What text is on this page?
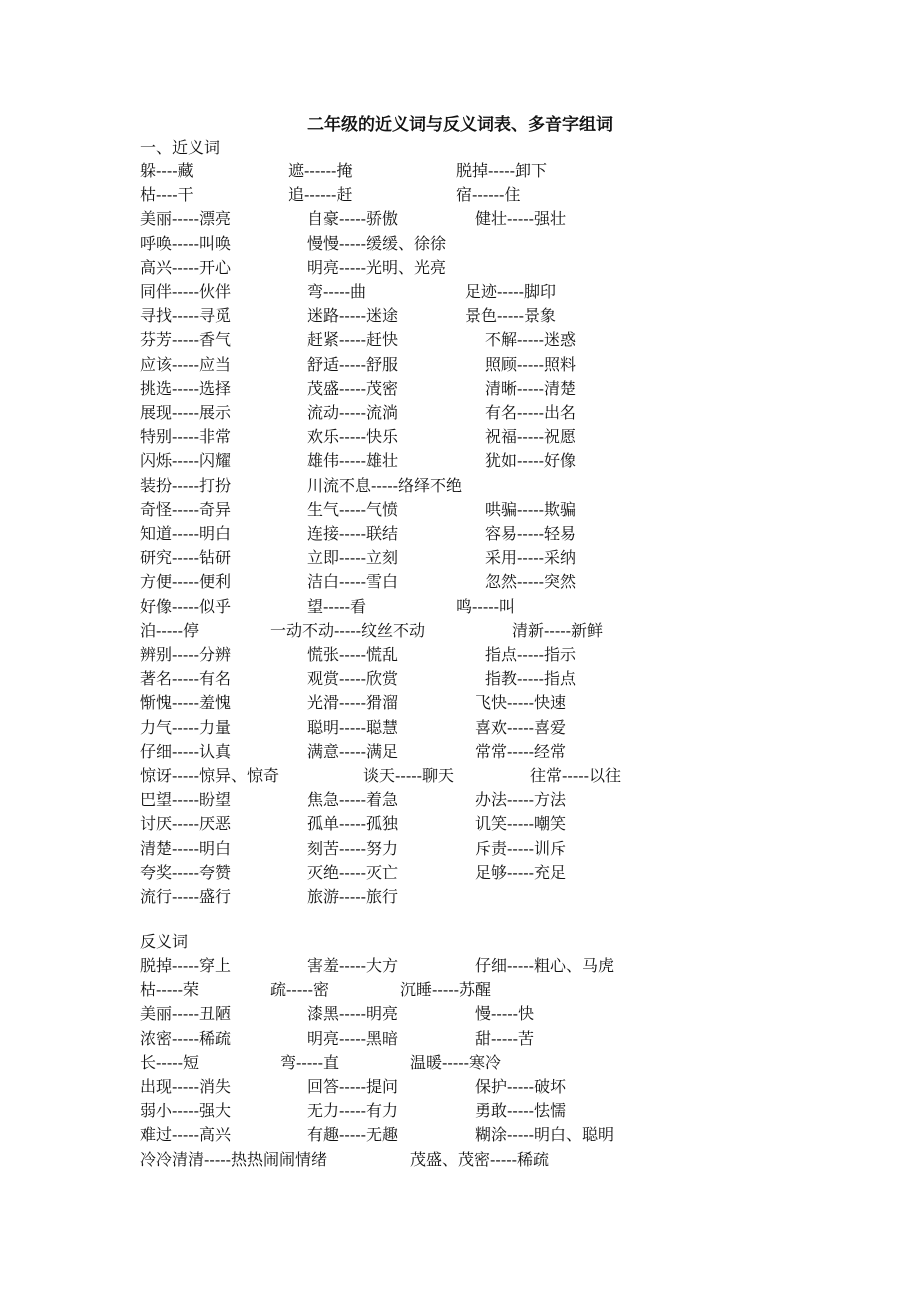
二年级的近义词与反义词表、多音字组词
一、近义词
躲----藏	遮------掩	脱掉-----卸下
枯----干	追------赶	宿------住
美丽-----漂亮	自豪-----骄傲	健壮-----强壮
呼唤-----叫唤	慢慢-----缓缓、徐徐
高兴-----开心	明亮-----光明、光亮
同伴-----伙伴	弯-----曲	足迹-----脚印
寻找-----寻觅	迷路-----迷途	景色-----景象
芬芳-----香气	赶紧-----赶快	不解-----迷惑
应该-----应当	舒适-----舒服	照顾-----照料
挑选-----选择	茂盛-----茂密	清晰-----清楚
展现-----展示	流动-----流淌	有名-----出名
特别-----非常	欢乐-----快乐	祝福-----祝愿
闪烁-----闪耀	雄伟-----雄壮	犹如-----好像
装扮-----打扮	川流不息-----络绎不绝
奇怪-----奇异	生气-----气愤	哄骗-----欺骗
知道-----明白	连接-----联结	容易-----轻易
研究-----钻研	立即-----立刻	采用-----采纳
方便-----便利	洁白-----雪白	忽然-----突然
好像-----似乎	望-----看	鸣-----叫
泊-----停	一动不动-----纹丝不动	清新-----新鲜
辨别-----分辨	慌张-----慌乱	指点-----指示
著名-----有名	观赏-----欣赏	指教-----指点
惭愧-----羞愧	光滑-----猾溜	飞快-----快速
力气-----力量	聪明-----聪慧	喜欢-----喜爱
仔细-----认真	满意-----满足	常常-----经常
惊讶-----惊异、惊奇	谈天-----聊天	往常-----以往
巴望-----盼望	焦急-----着急	办法-----方法
讨厌-----厌恶	孤单-----孤独	讥笑-----嘲笑
清楚-----明白	刻苦-----努力	斥责-----训斥
夸奖-----夸赞	灭绝-----灭亡	足够-----充足
流行-----盛行	旅游-----旅行
反义词
脱掉-----穿上	害羞-----大方	仔细-----粗心、马虎
枯-----荣	疏-----密	沉睡-----苏醒
美丽-----丑陋	漆黑-----明亮	慢-----快
浓密-----稀疏	明亮-----黑暗	甜-----苦
长-----短	弯-----直	温暖-----寒冷
出现-----消失	回答-----提问	保护-----破坏
弱小-----强大	无力-----有力	勇敢-----怯懦
难过-----高兴	有趣-----无趣	糊涂-----明白、聪明
冷冷清清-----热热闹闹情绪	茂盛、茂密-----稀疏
